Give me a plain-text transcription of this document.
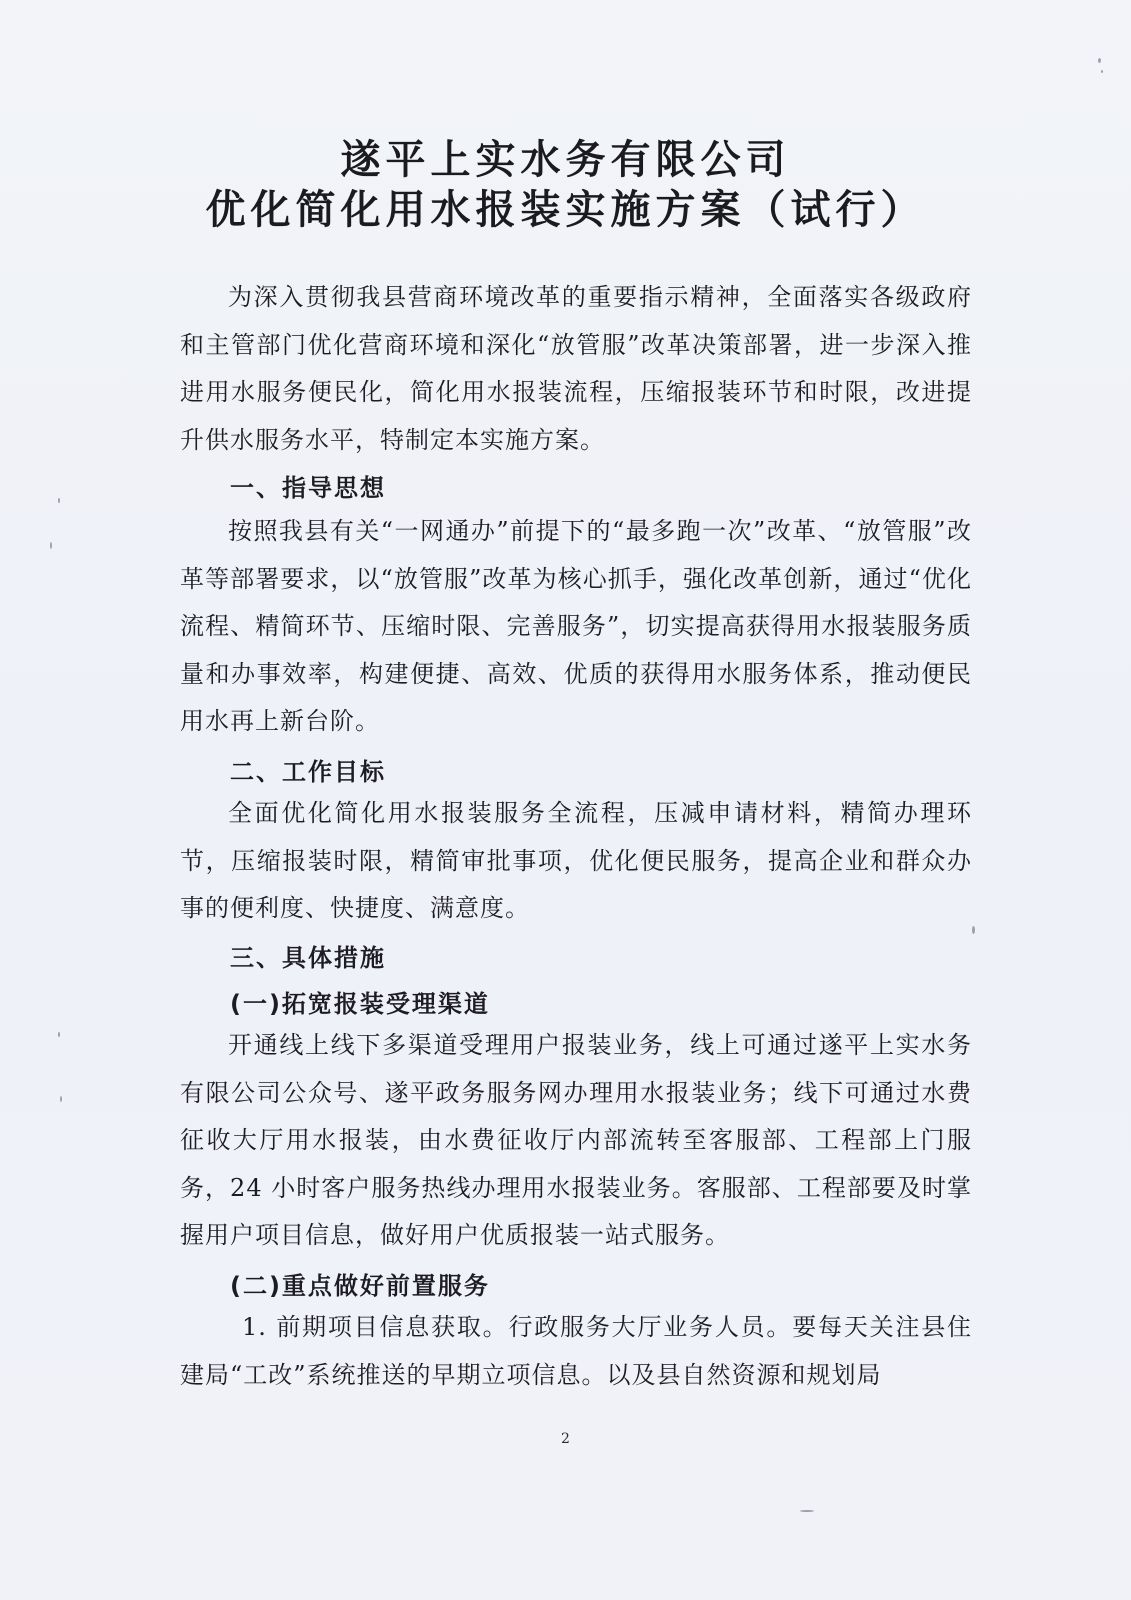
遂平上实水务有限公司
优化简化用水报装实施方案（试行）

为深入贯彻我县营商环境改革的重要指示精神，全面落实各级政府和主管部门优化营商环境和深化“放管服”改革决策部署，进一步深入推进用水服务便民化，简化用水报装流程，压缩报装环节和时限，改进提升供水服务水平，特制定本实施方案。

一、指导思想

按照我县有关“一网通办”前提下的“最多跑一次”改革、“放管服”改革等部署要求，以“放管服”改革为核心抓手，强化改革创新，通过“优化流程、精简环节、压缩时限、完善服务”，切实提高获得用水报装服务质量和办事效率，构建便捷、高效、优质的获得用水服务体系，推动便民用水再上新台阶。

二、工作目标

全面优化简化用水报装服务全流程，压减申请材料，精简办理环节，压缩报装时限，精简审批事项，优化便民服务，提高企业和群众办事的便利度、快捷度、满意度。

三、具体措施
(一)拓宽报装受理渠道

开通线上线下多渠道受理用户报装业务，线上可通过遂平上实水务有限公司公众号、遂平政务服务网办理用水报装业务；线下可通过水费征收大厅用水报装，由水费征收厅内部流转至客服部、工程部上门服务，24 小时客户服务热线办理用水报装业务。客服部、工程部要及时掌握用户项目信息，做好用户优质报装一站式服务。

(二)重点做好前置服务

1. 前期项目信息获取。行政服务大厅业务人员。要每天关注县住建局“工改”系统推送的早期立项信息。以及县自然资源和规划局

2
